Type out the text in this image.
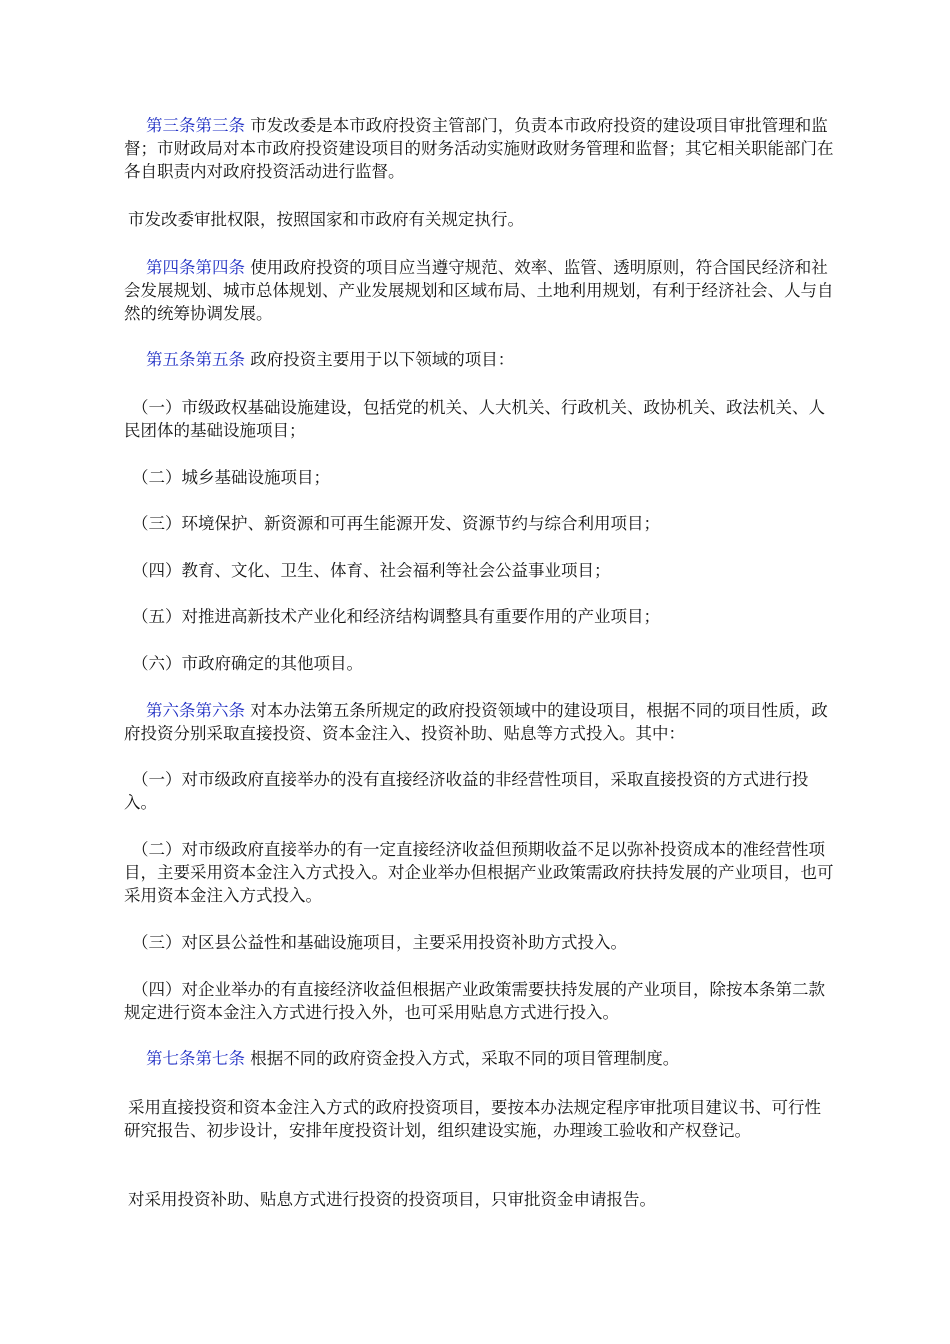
第三条第三条 市发改委是本市政府投资主管部门，负责本市政府投资的建设项目审批管理和监督；市财政局对本市政府投资建设项目的财务活动实施财政财务管理和监督；其它相关职能部门在各自职责内对政府投资活动进行监督。

市发改委审批权限，按照国家和市政府有关规定执行。

第四条第四条 使用政府投资的项目应当遵守规范、效率、监管、透明原则，符合国民经济和社会发展规划、城市总体规划、产业发展规划和区域布局、土地利用规划，有利于经济社会、人与自然的统筹协调发展。

第五条第五条 政府投资主要用于以下领域的项目：

（一）市级政权基础设施建设，包括党的机关、人大机关、行政机关、政协机关、政法机关、人民团体的基础设施项目；

（二）城乡基础设施项目；

（三）环境保护、新资源和可再生能源开发、资源节约与综合利用项目；

（四）教育、文化、卫生、体育、社会福利等社会公益事业项目；

（五）对推进高新技术产业化和经济结构调整具有重要作用的产业项目；

（六）市政府确定的其他项目。

第六条第六条 对本办法第五条所规定的政府投资领域中的建设项目，根据不同的项目性质，政府投资分别采取直接投资、资本金注入、投资补助、贴息等方式投入。其中：

（一）对市级政府直接举办的没有直接经济收益的非经营性项目，采取直接投资的方式进行投入。

（二）对市级政府直接举办的有一定直接经济收益但预期收益不足以弥补投资成本的准经营性项目，主要采用资本金注入方式投入。对企业举办但根据产业政策需政府扶持发展的产业项目，也可采用资本金注入方式投入。

（三）对区县公益性和基础设施项目，主要采用投资补助方式投入。

（四）对企业举办的有直接经济收益但根据产业政策需要扶持发展的产业项目，除按本条第二款规定进行资本金注入方式进行投入外，也可采用贴息方式进行投入。

第七条第七条 根据不同的政府资金投入方式，采取不同的项目管理制度。

采用直接投资和资本金注入方式的政府投资项目，要按本办法规定程序审批项目建议书、可行性研究报告、初步设计，安排年度投资计划，组织建设实施，办理竣工验收和产权登记。

对采用投资补助、贴息方式进行投资的投资项目，只审批资金申请报告。
